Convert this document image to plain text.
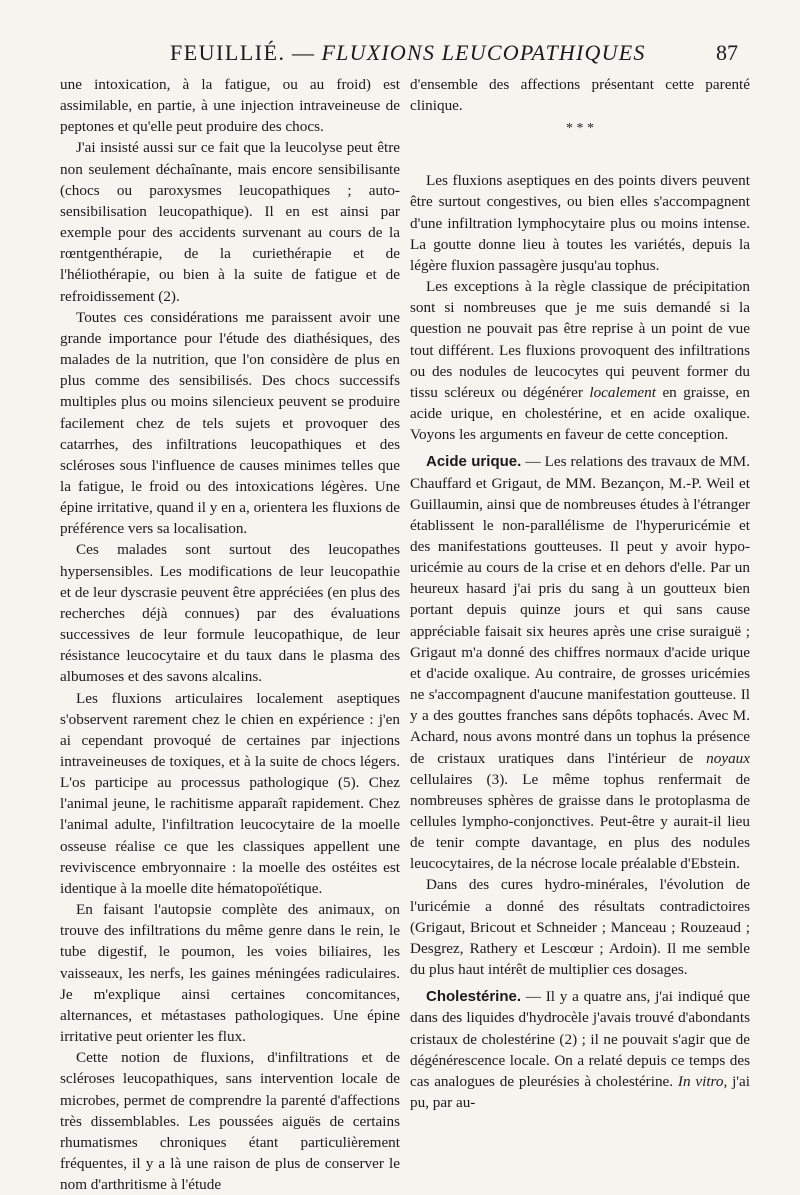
FEUILLIÉ. — FLUXIONS LEUCOPATHIQUES	87

une intoxication, à la fatigue, ou au froid) est assimilable, en partie, à une injection intraveineuse de peptones et qu'elle peut produire des chocs.

J'ai insisté aussi sur ce fait que la leucolyse peut être non seulement déchaînante, mais encore sensibilisante (chocs ou paroxysmes leucopathiques ; auto-sensibilisation leucopathique). Il en est ainsi par exemple pour des accidents survenant au cours de la rœntgenthérapie, de la curiethérapie et de l'héliothérapie, ou bien à la suite de fatigue et de refroidissement (2).

Toutes ces considérations me paraissent avoir une grande importance pour l'étude des diathésiques, des malades de la nutrition, que l'on considère de plus en plus comme des sensibilisés. Des chocs successifs multiples plus ou moins silencieux peuvent se produire facilement chez de tels sujets et provoquer des catarrhes, des infiltrations leucopathiques et des scléroses sous l'influence de causes minimes telles que la fatigue, le froid ou des intoxications légères. Une épine irritative, quand il y en a, orientera les fluxions de préférence vers sa localisation.

Ces malades sont surtout des leucopathes hypersensibles. Les modifications de leur leucopathie et de leur dyscrasie peuvent être appréciées (en plus des recherches déjà connues) par des évaluations successives de leur formule leucopathique, de leur résistance leucocytaire et du taux dans le plasma des albumoses et des savons alcalins.

Les fluxions articulaires localement aseptiques s'observent rarement chez le chien en expérience : j'en ai cependant provoqué de certaines par injections intraveineuses de toxiques, et à la suite de chocs légers. L'os participe au processus pathologique (5). Chez l'animal jeune, le rachitisme apparaît rapidement. Chez l'animal adulte, l'infiltration leucocytaire de la moelle osseuse réalise ce que les classiques appellent une reviviscence embryonnaire : la moelle des ostéites est identique à la moelle dite hématopoïétique.

En faisant l'autopsie complète des animaux, on trouve des infiltrations du même genre dans le rein, le tube digestif, le poumon, les voies biliaires, les vaisseaux, les nerfs, les gaines méningées radiculaires. Je m'explique ainsi certaines concomitances, alternances, et métastases pathologiques. Une épine irritative peut orienter les flux.

Cette notion de fluxions, d'infiltrations et de scléroses leucopathiques, sans intervention locale de microbes, permet de comprendre la parenté d'affections très dissemblables. Les poussées aiguës de certains rhumatismes chroniques étant particulièrement fréquentes, il y a là une raison de plus de conserver le nom d'arthritisme à l'étude

d'ensemble des affections présentant cette parenté clinique.

* * *

Les fluxions aseptiques en des points divers peuvent être surtout congestives, ou bien elles s'accompagnent d'une infiltration lymphocytaire plus ou moins intense. La goutte donne lieu à toutes les variétés, depuis la légère fluxion passagère jusqu'au tophus.

Les exceptions à la règle classique de précipitation sont si nombreuses que je me suis demandé si la question ne pouvait pas être reprise à un point de vue tout différent. Les fluxions provoquent des infiltrations ou des nodules de leucocytes qui peuvent former du tissu scléreux ou dégénérer localement en graisse, en acide urique, en cholestérine, et en acide oxalique. Voyons les arguments en faveur de cette conception.

Acide urique. — Les relations des travaux de MM. Chauffard et Grigaut, de MM. Bezançon, M.-P. Weil et Guillaumin, ainsi que de nombreuses études à l'étranger établissent le non-parallélisme de l'hyperuricémie et des manifestations goutteuses. Il peut y avoir hypo-uricémie au cours de la crise et en dehors d'elle. Par un heureux hasard j'ai pris du sang à un goutteux bien portant depuis quinze jours et qui sans cause appréciable faisait six heures après une crise suraiguë ; Grigaut m'a donné des chiffres normaux d'acide urique et d'acide oxalique. Au contraire, de grosses uricémies ne s'accompagnent d'aucune manifestation goutteuse. Il y a des gouttes franches sans dépôts tophacés. Avec M. Achard, nous avons montré dans un tophus la présence de cristaux uratiques dans l'intérieur de noyaux cellulaires (3). Le même tophus renfermait de nombreuses sphères de graisse dans le protoplasma de cellules lympho-conjonctives. Peut-être y aurait-il lieu de tenir compte davantage, en plus des nodules leucocytaires, de la nécrose locale préalable d'Ebstein.

Dans des cures hydro-minérales, l'évolution de l'uricémie a donné des résultats contradictoires (Grigaut, Bricout et Schneider ; Manceau ; Rouzeaud ; Desgrez, Rathery et Lescœur ; Ardoin). Il me semble du plus haut intérêt de multiplier ces dosages.

Cholestérine. — Il y a quatre ans, j'ai indiqué que dans des liquides d'hydrocèle j'avais trouvé d'abondants cristaux de cholestérine (2) ; il ne pouvait s'agir que de dégénérescence locale. On a relaté depuis ce temps des cas analogues de pleurésies à cholestérine. In vitro, j'ai pu, par au-
